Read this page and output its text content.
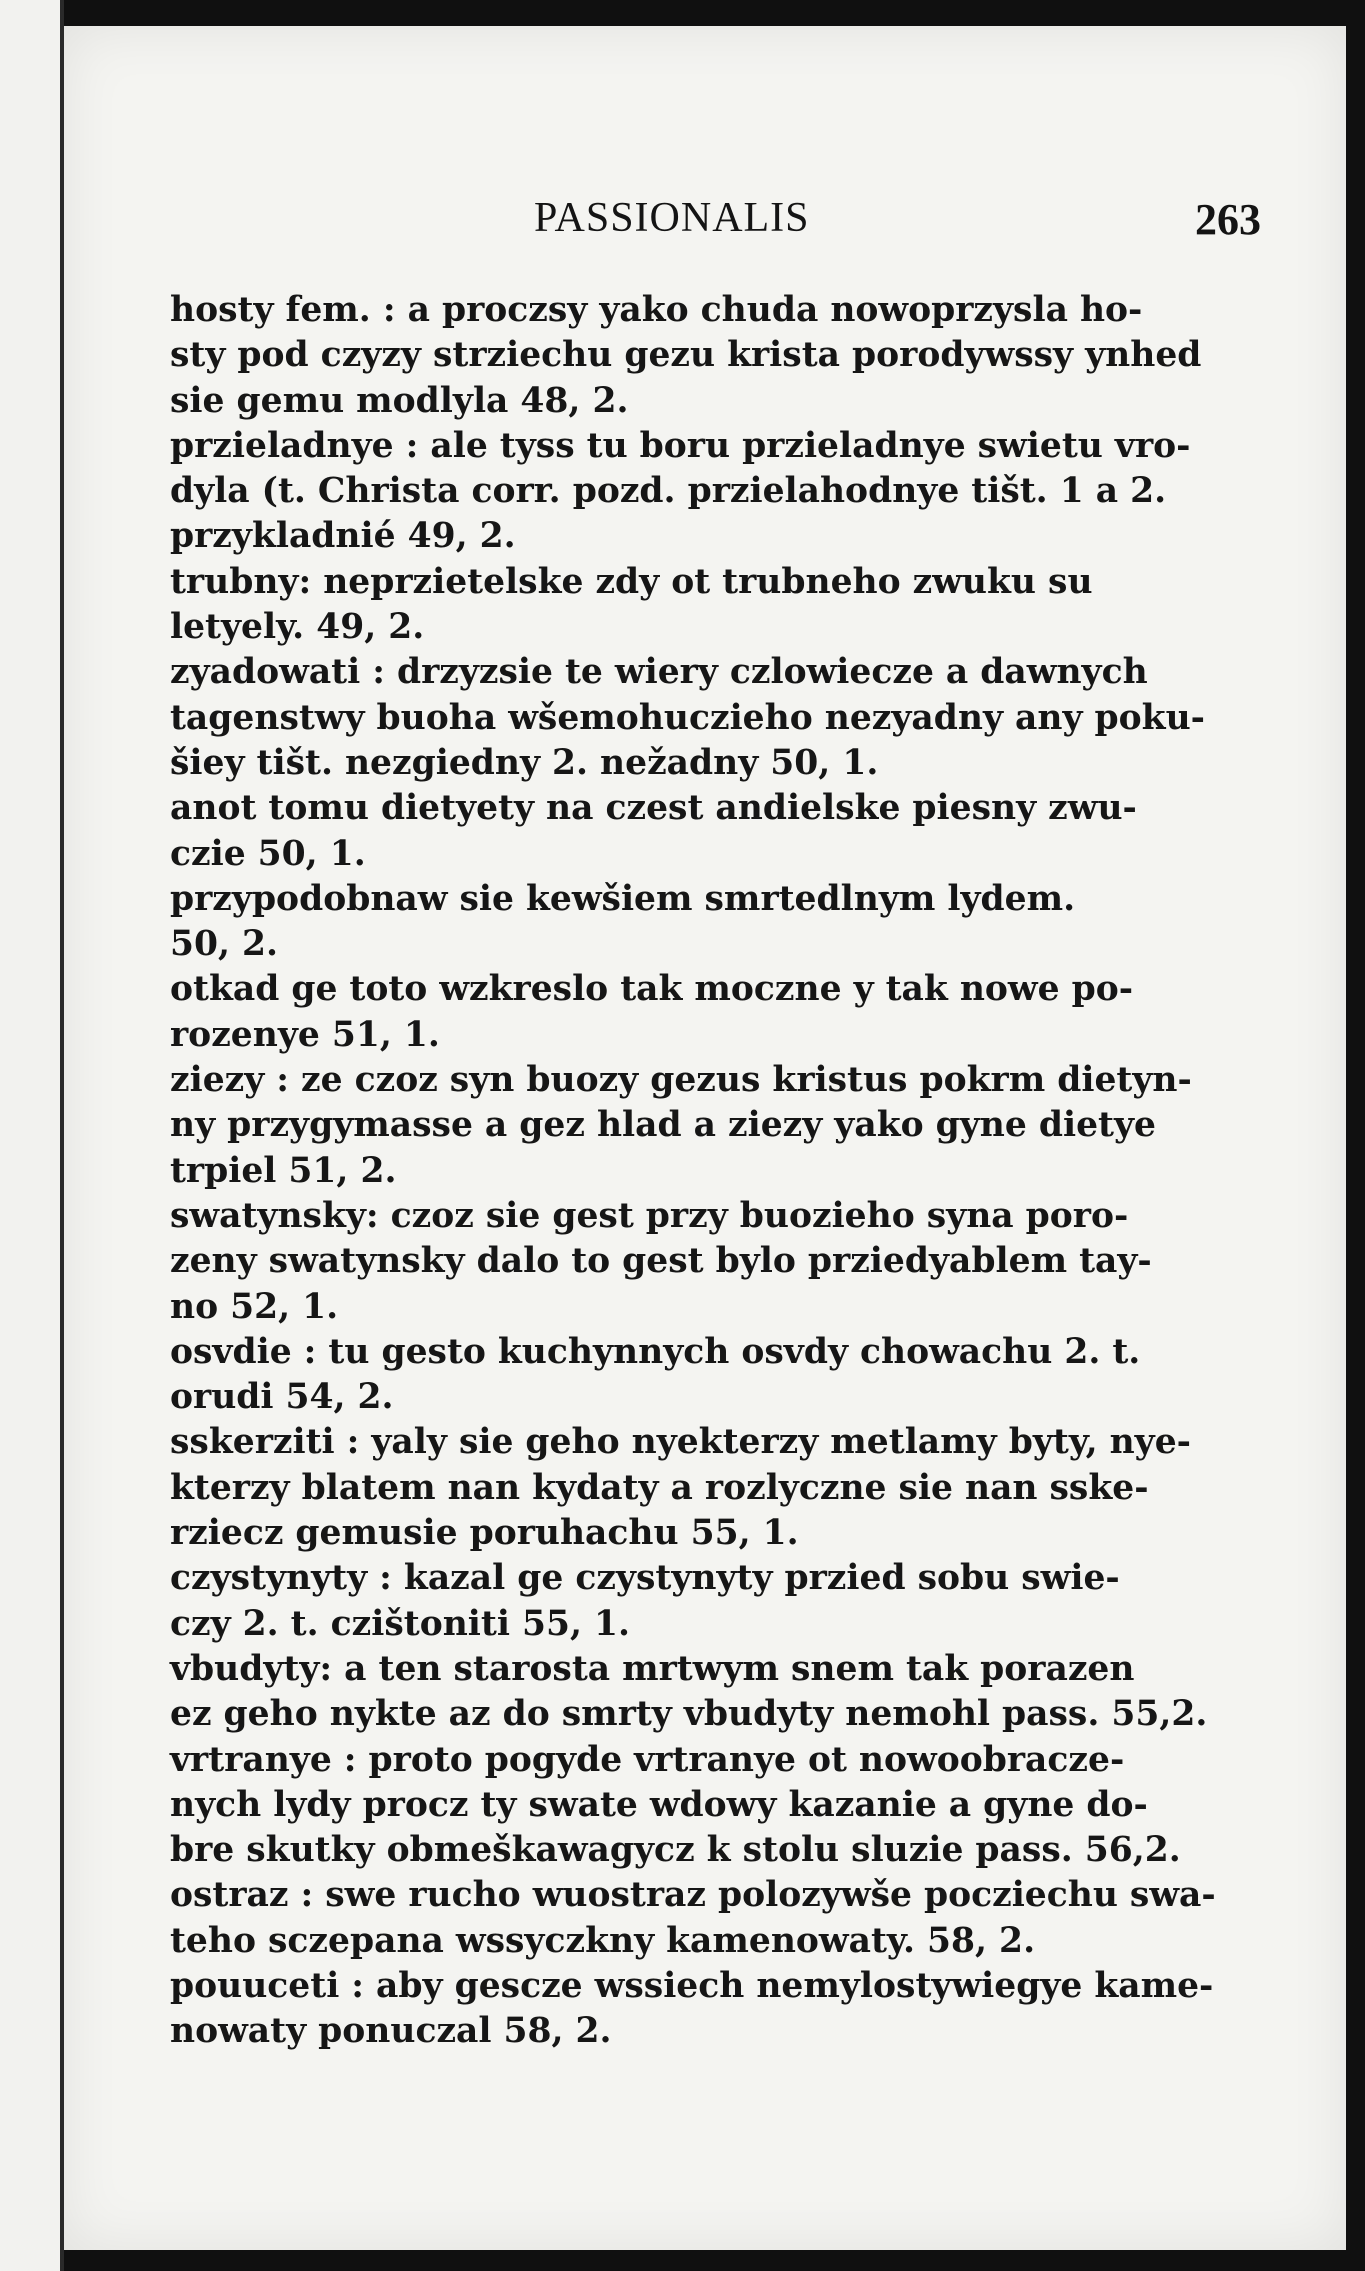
PASSIONALIS	263
hosty fem. : a proczsy yako chuda nowoprzysla ho-
sty pod czyzy strziechu gezu krista porodywssy ynhed
sie gemu modlyla 48, 2.
przieladnye : ale tyss tu boru przieladnye swietu vro-
dyla (t. Christa corr. pozd. przielahodnye tišt. 1 a 2.
przykladnié 49, 2.
trubny: neprzietelske zdy ot trubneho zwuku su
letyely. 49, 2.
zyadowati : drzyzsie te wiery czlowiecze a dawnych
tagenstwy buoha wšemohuczieho nezyadny any poku-
šiey tišt. nezgiedny 2. nežadny 50, 1.
anot tomu dietyety na czest andielske piesny zwu-
czie 50, 1.
przypodobnaw sie kewšiem smrtedlnym lydem.
50, 2.
otkad ge toto wzkreslo tak moczne y tak nowe po-
rozenye 51, 1.
ziezy : ze czoz syn buozy gezus kristus pokrm dietyn-
ny przygymasse a gez hlad a ziezy yako gyne dietye
trpiel 51, 2.
swatynsky: czoz sie gest przy buozieho syna poro-
zeny swatynsky dalo to gest bylo prziedyablem tay-
no 52, 1.
osvdie : tu gesto kuchynnych osvdy chowachu 2. t.
orudi 54, 2.
sskerziti : yaly sie geho nyekterzy metlamy byty, nye-
kterzy blatem nan kydaty a rozlyczne sie nan sske-
rziecz gemusie poruhachu 55, 1.
czystynyty : kazal ge czystynyty przied sobu swie-
czy 2. t. czištoniti 55, 1.
vbudyty: a ten starosta mrtwym snem tak porazen
ez geho nykte az do smrty vbudyty nemohl pass. 55,2.
vrtranye : proto pogyde vrtranye ot nowoobracze-
nych lydy procz ty swate wdowy kazanie a gyne do-
bre skutky obmeškawagycz k stolu sluzie pass. 56,2.
ostraz : swe rucho wuostraz polozywše pocziechu swa-
teho sczepana wssyczkny kamenowaty. 58, 2.
pouuceti : aby gescze wssiech nemylostywiegye kame-
nowaty ponuczal 58, 2.
